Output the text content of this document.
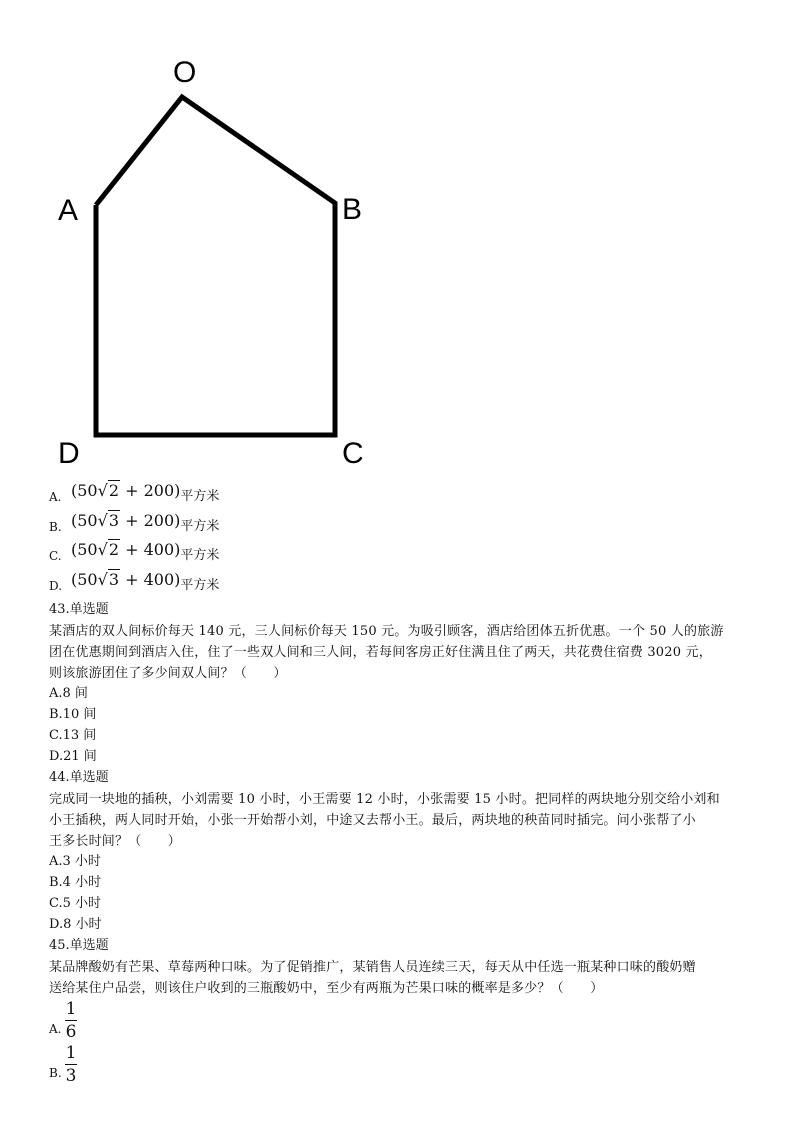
O
A	B
D	C
A. (50√2 + 200)平方米
B. (50√3 + 200)平方米
C. (50√2 + 400)平方米
D. (50√3 + 400)平方米
43.单选题
某酒店的双人间标价每天 140 元，三人间标价每天 150 元。为吸引顾客，酒店给团体五折优惠。一个 50 人的旅游
团在优惠期间到酒店入住，住了一些双人间和三人间，若每间客房正好住满且住了两天，共花费住宿费 3020 元，
则该旅游团住了多少间双人间？（　　）
A.8 间
B.10 间
C.13 间
D.21 间
44.单选题
完成同一块地的插秧，小刘需要 10 小时，小王需要 12 小时，小张需要 15 小时。把同样的两块地分别交给小刘和
小王插秧，两人同时开始，小张一开始帮小刘，中途又去帮小王。最后，两块地的秧苗同时插完。问小张帮了小
王多长时间？（　　）
A.3 小时
B.4 小时
C.5 小时
D.8 小时
45.单选题
某品牌酸奶有芒果、草莓两种口味。为了促销推广，某销售人员连续三天，每天从中任选一瓶某种口味的酸奶赠
送给某住户品尝，则该住户收到的三瓶酸奶中，至少有两瓶为芒果口味的概率是多少？（　　）
A.
1
6
B.
1
3
